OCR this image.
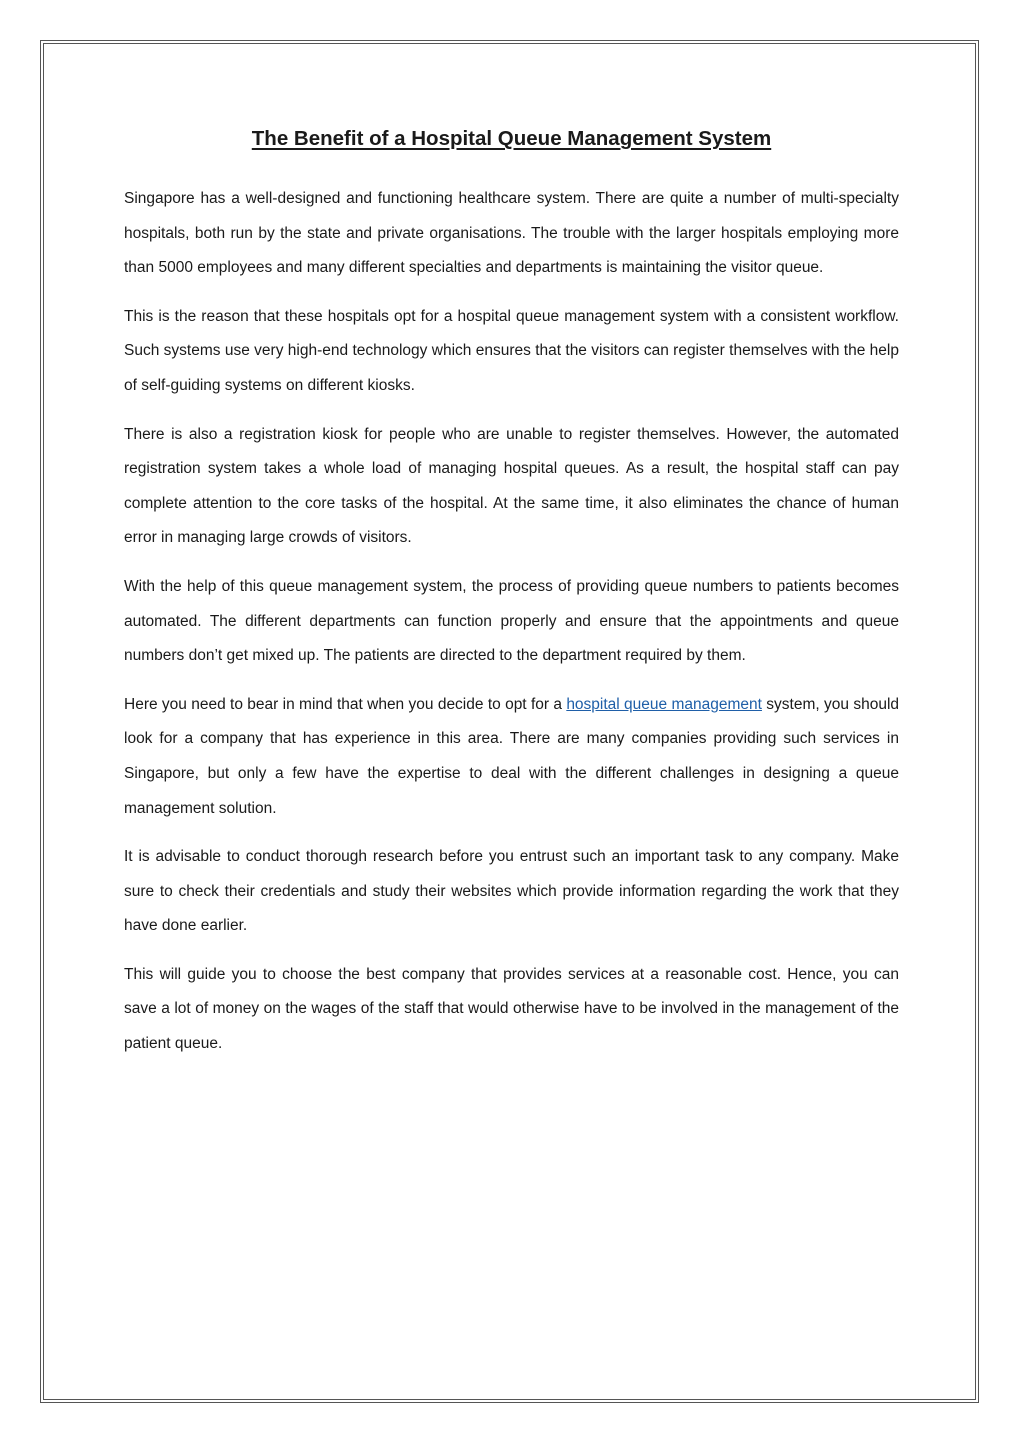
The Benefit of a Hospital Queue Management System

Singapore has a well-designed and functioning healthcare system. There are quite a number of multi-specialty hospitals, both run by the state and private organisations. The trouble with the larger hospitals employing more than 5000 employees and many different specialties and departments is maintaining the visitor queue.

This is the reason that these hospitals opt for a hospital queue management system with a consistent workflow. Such systems use very high-end technology which ensures that the visitors can register themselves with the help of self-guiding systems on different kiosks.

There is also a registration kiosk for people who are unable to register themselves. However, the automated registration system takes a whole load of managing hospital queues. As a result, the hospital staff can pay complete attention to the core tasks of the hospital. At the same time, it also eliminates the chance of human error in managing large crowds of visitors.

With the help of this queue management system, the process of providing queue numbers to patients becomes automated. The different departments can function properly and ensure that the appointments and queue numbers don’t get mixed up. The patients are directed to the department required by them.

Here you need to bear in mind that when you decide to opt for a hospital queue management system, you should look for a company that has experience in this area. There are many companies providing such services in Singapore, but only a few have the expertise to deal with the different challenges in designing a queue management solution.

It is advisable to conduct thorough research before you entrust such an important task to any company. Make sure to check their credentials and study their websites which provide information regarding the work that they have done earlier.

This will guide you to choose the best company that provides services at a reasonable cost. Hence, you can save a lot of money on the wages of the staff that would otherwise have to be involved in the management of the patient queue.
